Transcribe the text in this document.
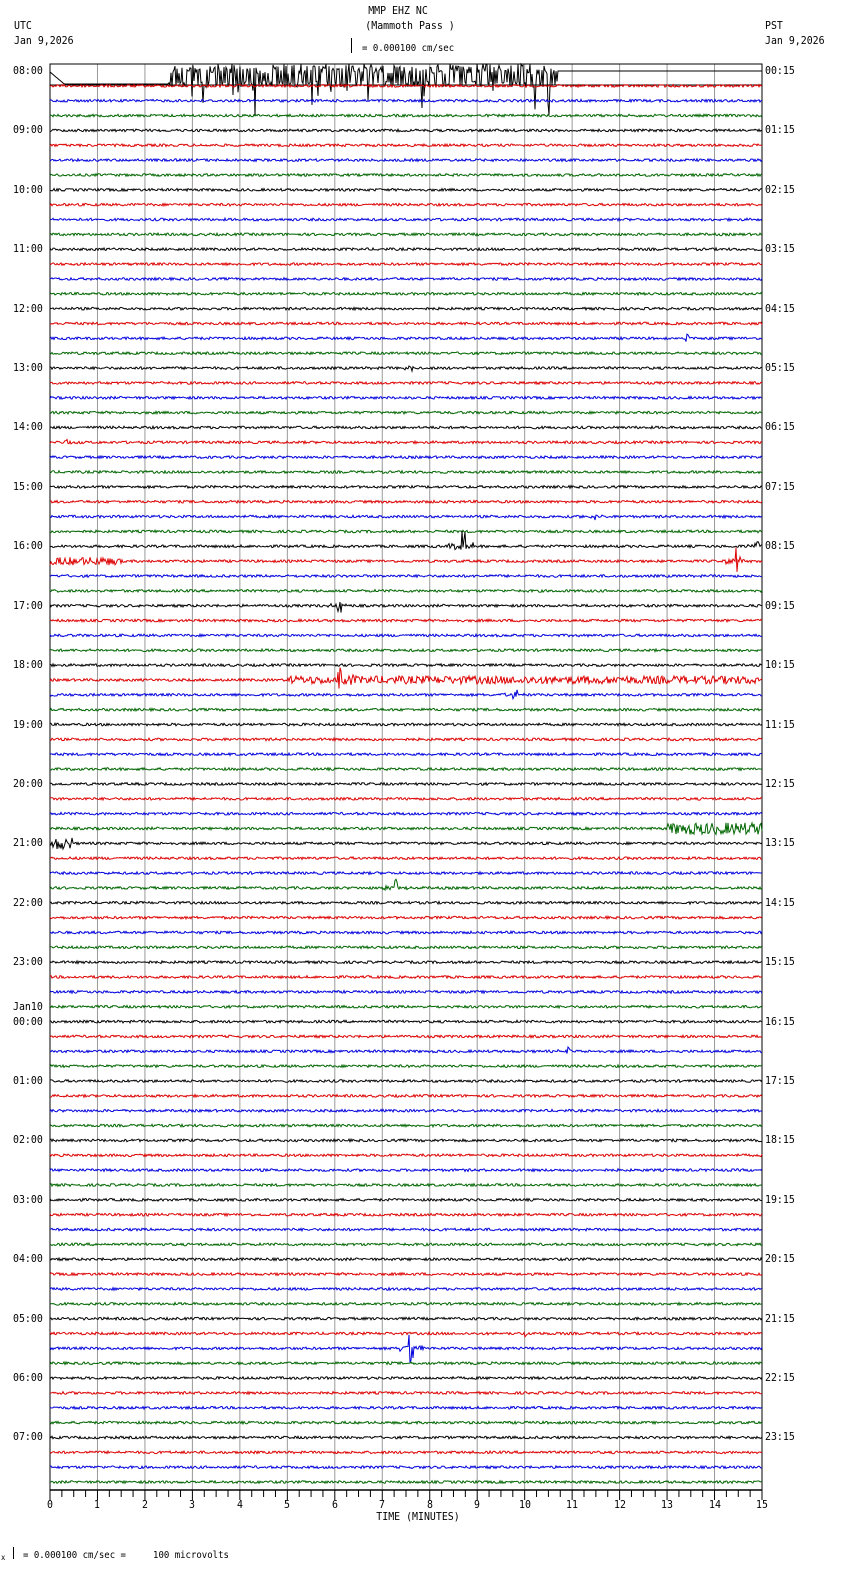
MMP EHZ NC
(Mammoth Pass )
UTC
Jan 9,2026
PST
Jan 9,2026
= 0.000100 cm/sec
0	1	2	3	4	5	6	7	8	9	10	11	12	13	14	15
08:00
09:00
10:00
11:00
12:00
13:00
14:00
15:00
16:00
17:00
18:00
19:00
20:00
21:00
22:00
23:00
00:00
01:00
02:00
03:00
04:00
05:00
06:00
07:00
00:15
01:15
02:15
03:15
04:15
05:15
06:15
07:15
08:15
09:15
10:15
11:15
12:15
13:15
14:15
15:15
16:15
17:15
18:15
19:15
20:15
21:15
22:15
23:15
Jan10
TIME (MINUTES)
x = 0.000100 cm/sec =     100 microvolts
